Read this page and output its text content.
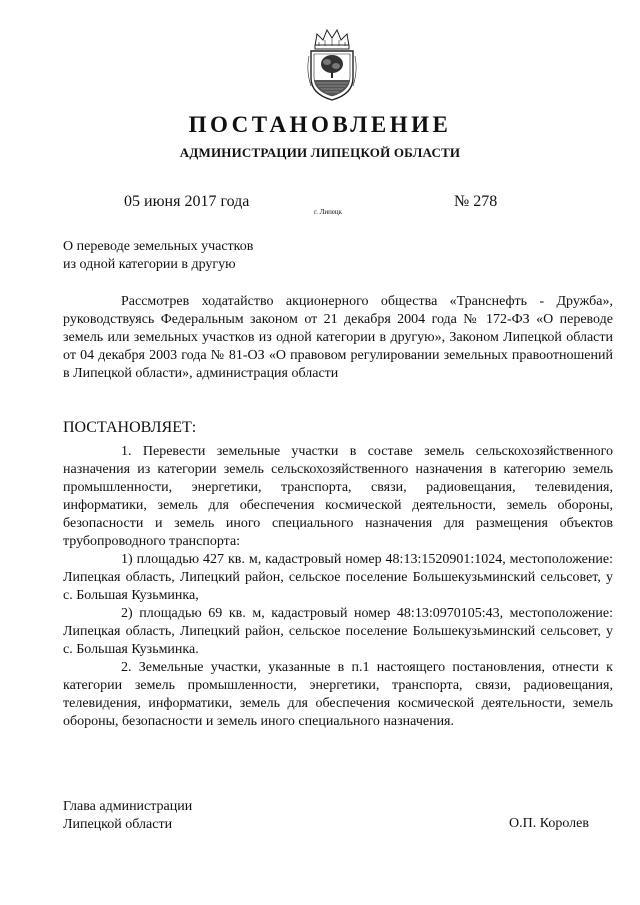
ПОСТАНОВЛЕНИЕ
АДМИНИСТРАЦИИ ЛИПЕЦКОЙ ОБЛАСТИ
05 июня 2017 года
г. Липецк
№ 278
О переводе земельных участков
из одной категории в другую

Рассмотрев ходатайство акционерного общества «Транснефть - Дружба», руководствуясь Федеральным законом от 21 декабря 2004 года № 172-ФЗ «О переводе земель или земельных участков из одной категории в другую», Законом Липецкой области от 04 декабря 2003 года № 81-ОЗ «О правовом регулировании земельных правоотношений в Липецкой области», администрация области

ПОСТАНОВЛЯЕТ:

1. Перевести земельные участки в составе земель сельскохозяйственного назначения из категории земель сельскохозяйственного назначения в категорию земель промышленности, энергетики, транспорта, связи, радиовещания, телевидения, информатики, земель для обеспечения космической деятельности, земель обороны, безопасности и земель иного специального назначения для размещения объектов трубопроводного транспорта:

1) площадью 427 кв. м, кадастровый номер 48:13:1520901:1024, местоположение: Липецкая область, Липецкий район, сельское поселение Большекузьминский сельсовет, у с. Большая Кузьминка,

2) площадью 69 кв. м, кадастровый номер 48:13:0970105:43, местоположение: Липецкая область, Липецкий район, сельское поселение Большекузьминский сельсовет, у с. Большая Кузьминка.

2. Земельные участки, указанные в п.1 настоящего постановления, отнести к категории земель промышленности, энергетики, транспорта, связи, радиовещания, телевидения, информатики, земель для обеспечения космической деятельности, земель обороны, безопасности и земель иного специального назначения.

Глава администрации
Липецкой области	О.П. Королев
